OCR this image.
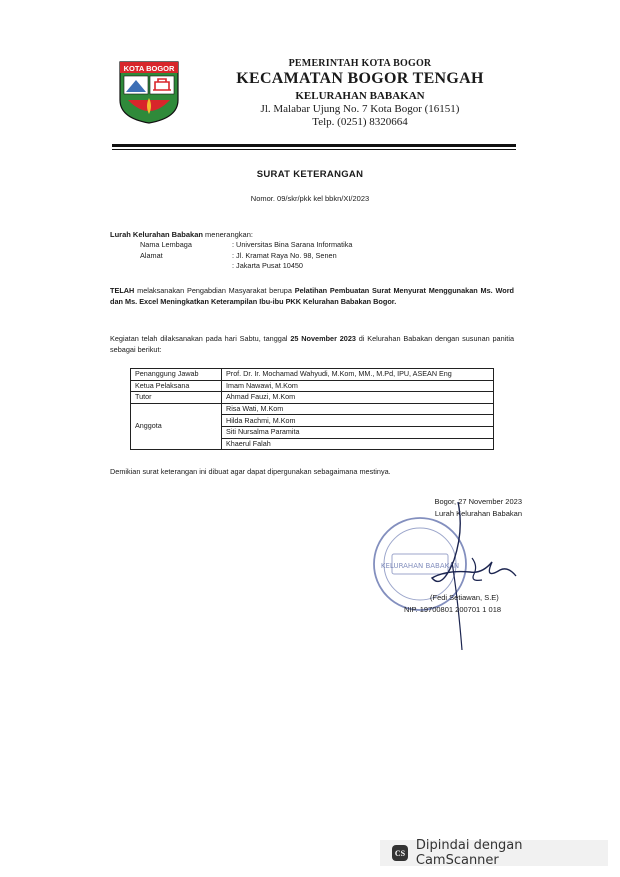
KOTA BOGOR	PEMERINTAH KOTA BOGOR
KECAMATAN BOGOR TENGAH
KELURAHAN BABAKAN
Jl. Malabar Ujung No. 7 Kota Bogor (16151)
Telp. (0251) 8320664
SURAT KETERANGAN
Nomor. 09/skr/pkk kel bbkn/XI/2023
Lurah Kelurahan Babakan menerangkan:
Nama Lembaga	: Universitas Bina Sarana Informatika
Alamat	: Jl. Kramat Raya No. 98, Senen
: Jakarta Pusat 10450
TELAH melaksanakan Pengabdian Masyarakat berupa Pelatihan Pembuatan Surat Menyurat Menggunakan Ms. Word dan Ms. Excel Meningkatkan Keterampilan Ibu-ibu PKK Kelurahan Babakan Bogor.
Kegiatan telah dilaksanakan pada hari Sabtu, tanggal 25 November 2023 di Kelurahan Babakan dengan susunan panitia sebagai berikut:
Penanggung Jawab	Prof. Dr. Ir. Mochamad Wahyudi, M.Kom, MM., M.Pd, IPU, ASEAN Eng
Ketua Pelaksana	Imam Nawawi, M.Kom
Tutor	Ahmad Fauzi, M.Kom
Anggota	Risa Wati, M.Kom
	Hilda Rachmi, M.Kom
	Siti Nursalma Paramita
	Khaerul Falah
Demikian surat keterangan ini dibuat agar dapat dipergunakan sebagaimana mestinya.
KELURAHAN BABAKAN
Bogor, 27 November 2023
Lurah Kelurahan Babakan
(Fedi Setiawan, S.E)
NIP. 19700801 200701 1 018
CS Dipindai dengan CamScanner
